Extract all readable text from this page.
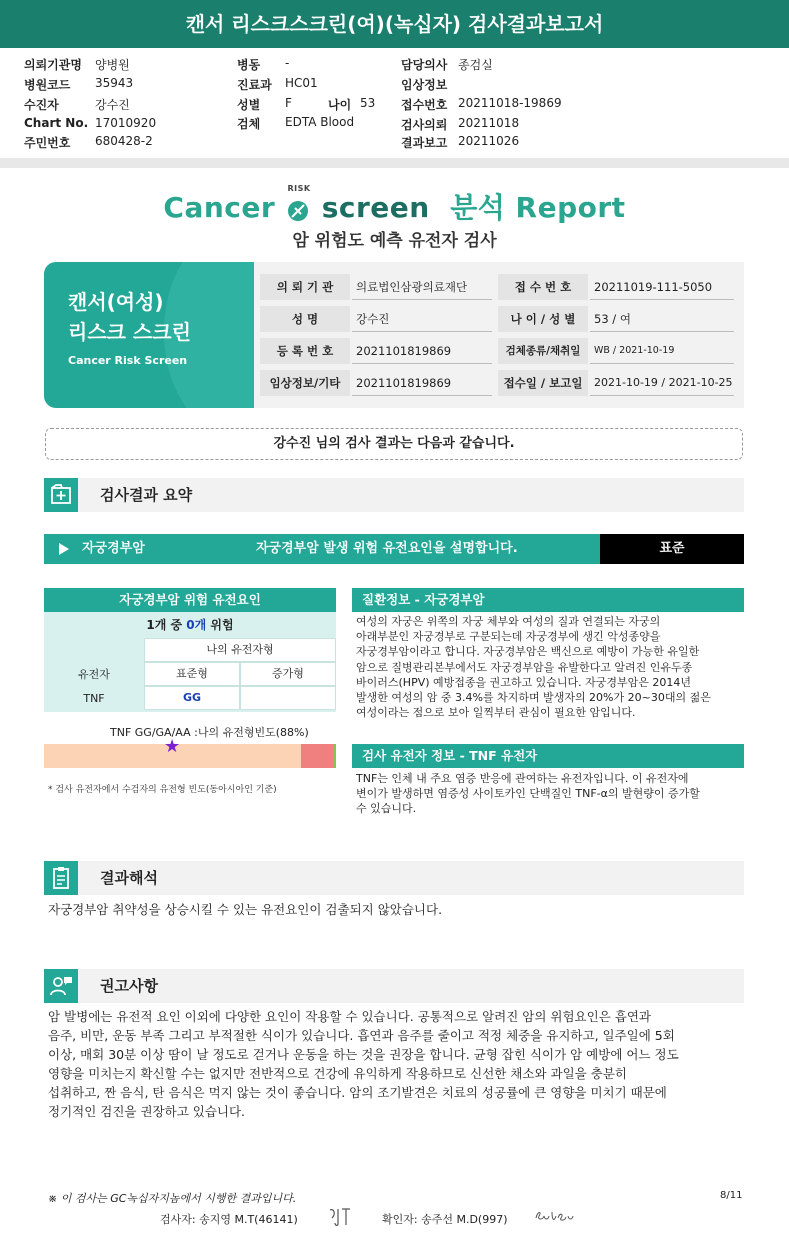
캔서 리스크스크린(여)(녹십자) 검사결과보고서
의뢰기관명 양병원
병원코드 35943
수진자	강수진
Chart No. 17010920
주민번호 680428-2
병동 -
진료과 HC01
성별 F	나이 53
검체 EDTA Blood
담당의사 종검실
임상정보
접수번호 20211018-19869
검사의뢰 20211018
결과보고 20211026
Cancer
RISK
screen 분석 Report
암 위험도 예측 유전자 검사
캔서(여성)
리스크 스크린
Cancer Risk Screen
의 뢰 기 관	의료법인삼광의료재단	접 수 번 호	20211019-111-5050
성 명	강수진	나 이 / 성 별	53 / 여
등 록 번 호	2021101819869	검체종류/채취일	WB / 2021-10-19
임상정보/기타	2021101819869	접수일 / 보고일	2021-10-19 / 2021-10-25
강수진 님의 검사 결과는 다음과 같습니다.
검사결과 요약
자궁경부암	자궁경부암 발생 위험 유전요인을 설명합니다.	표준
자궁경부암 위험 유전요인
1개 중 0개 위험
나의 유전자형
유전자	표준형	증가형
TNF	GG
TNF GG/GA/AA :나의 유전형빈도(88%)
★
* 검사 유전자에서 수검자의 유전형 빈도(동아시아인 기준)
질환정보 - 자궁경부암
여성의 자궁은 위쪽의 자궁 체부와 여성의 질과 연결되는 자궁의
아래부분인 자궁경부로 구분되는데 자궁경부에 생긴 악성종양을
자궁경부암이라고 합니다. 자궁경부암은 백신으로 예방이 가능한 유일한
암으로 질병관리본부에서도 자궁경부암을 유발한다고 알려진 인유두종
바이러스(HPV) 예방접종을 권고하고 있습니다. 자궁경부암은 2014년
발생한 여성의 암 중 3.4%를 차지하며 발생자의 20%가 20~30대의 젊은
여성이라는 점으로 보아 일찍부터 관심이 필요한 암입니다.
검사 유전자 정보 - TNF 유전자
TNF는 인체 내 주요 염증 반응에 관여하는 유전자입니다. 이 유전자에
변이가 발생하면 염증성 사이토카인 단백질인 TNF-α의 발현량이 증가할
수 있습니다.
결과해석
자궁경부암 취약성을 상승시킬 수 있는 유전요인이 검출되지 않았습니다.
권고사항
암 발병에는 유전적 요인 이외에 다양한 요인이 작용할 수 있습니다. 공통적으로 알려진 암의 위험요인은 흡연과
음주, 비만, 운동 부족 그리고 부적절한 식이가 있습니다. 흡연과 음주를 줄이고 적정 체중을 유지하고, 일주일에 5회
이상, 매회 30분 이상 땀이 날 정도로 걷거나 운동을 하는 것을 권장을 합니다. 균형 잡힌 식이가 암 예방에 어느 정도
영향을 미치는지 확신할 수는 없지만 전반적으로 건강에 유익하게 작용하므로 신선한 채소와 과일을 충분히
섭취하고, 짠 음식, 탄 음식은 먹지 않는 것이 좋습니다. 암의 조기발견은 치료의 성공률에 큰 영향을 미치기 때문에
정기적인 검진을 권장하고 있습니다.
※ 이 검사는 GC녹십자지놈에서 시행한 결과입니다.	8/11
검사자: 송지영 M.T(46141)	확인자: 송주선 M.D(997)
